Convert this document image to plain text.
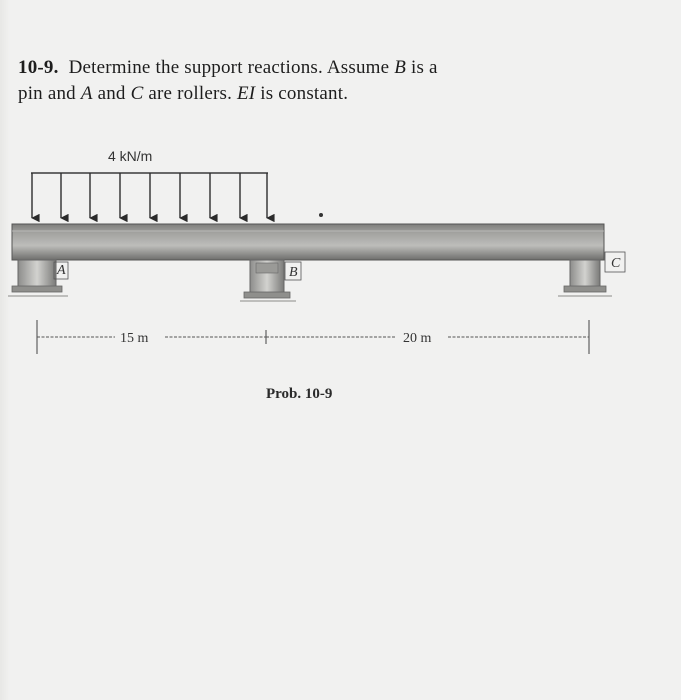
10-9. Determine the support reactions. Assume B is a
pin and A and C are rollers. EI is constant.
4 kN/m
A	B
C
15 m	20 m
Prob. 10-9
